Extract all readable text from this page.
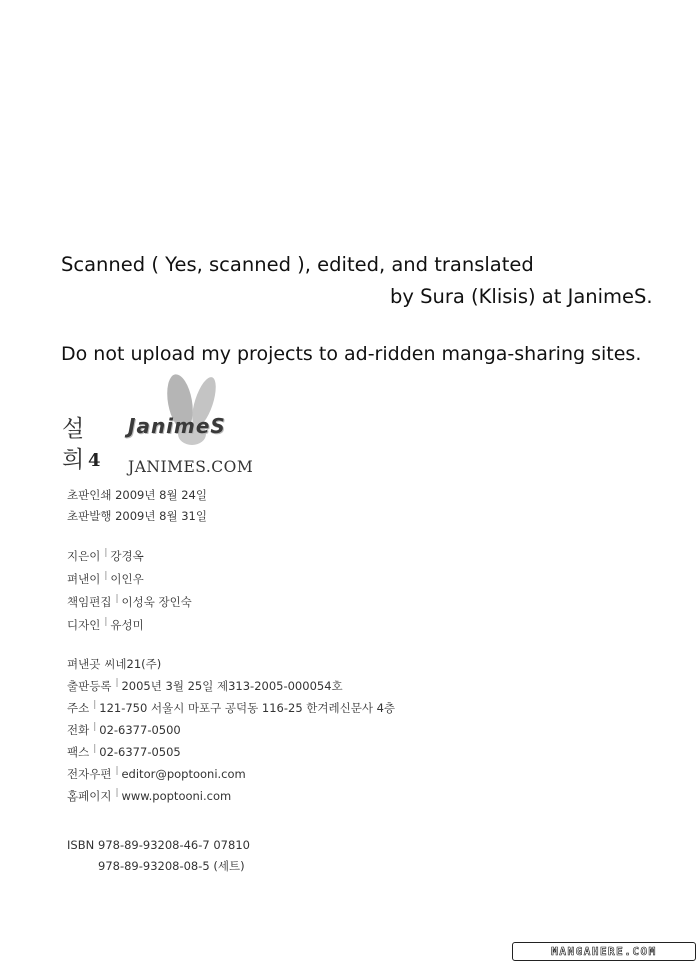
Scanned ( Yes, scanned ), edited, and translated
by Sura (Klisis) at JanimeS.
Do not upload my projects to ad-ridden manga-sharing sites.
JanimeS
설
희 4 JANIMES.COM
초판인쇄 2009년 8월 24일
초판발행 2009년 8월 31일
지은이 | 강경옥
펴낸이 | 이인우
책임편집 | 이성욱 장인숙
디자인 | 유성미
펴낸곳 씨네21(주)
출판등록 | 2005년 3월 25일 제313-2005-000054호
주소 | 121-750 서울시 마포구 공덕동 116-25 한겨레신문사 4층
전화 | 02-6377-0500
팩스 | 02-6377-0505
전자우편 | editor@poptooni.com
홈페이지 | www.poptooni.com
ISBN 978-89-93208-46-7 07810
978-89-93208-08-5 (세트)
MANGAHERE.COM
